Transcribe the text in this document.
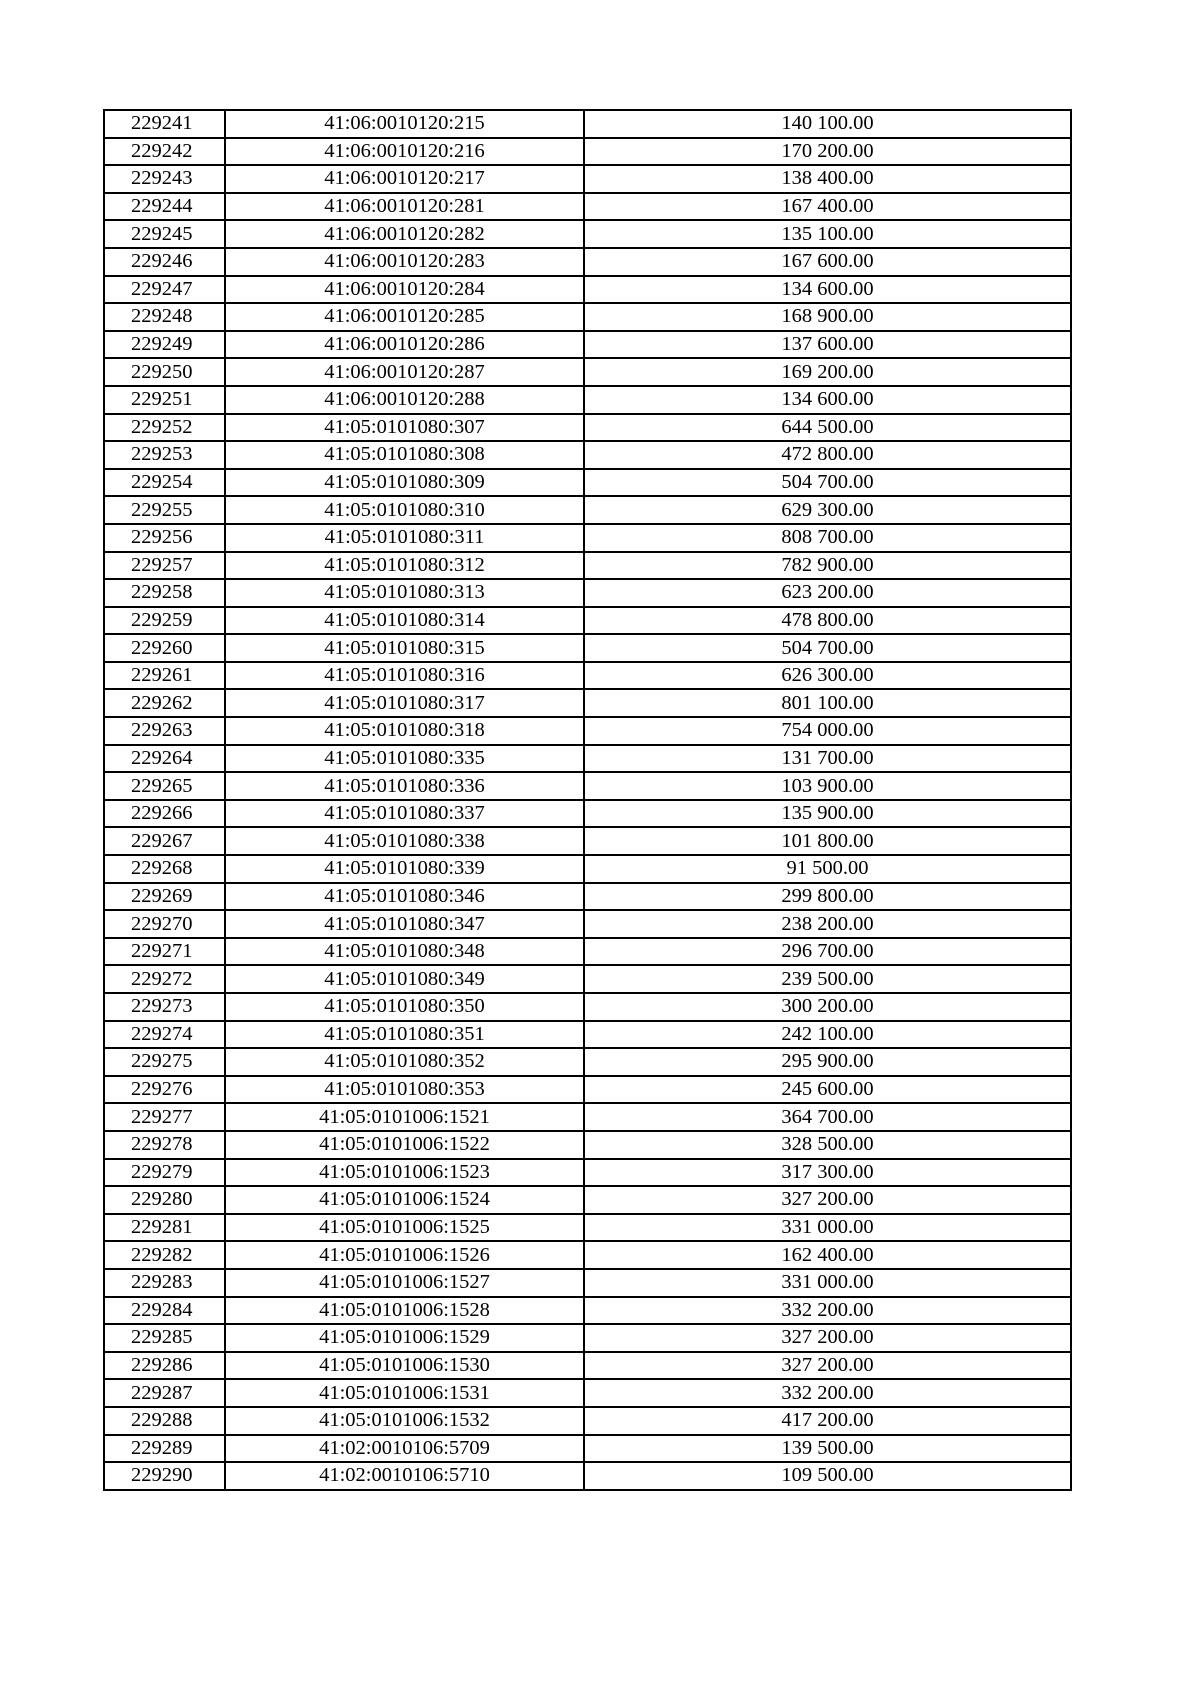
229241	41:06:0010120:215	140 100.00
229242	41:06:0010120:216	170 200.00
229243	41:06:0010120:217	138 400.00
229244	41:06:0010120:281	167 400.00
229245	41:06:0010120:282	135 100.00
229246	41:06:0010120:283	167 600.00
229247	41:06:0010120:284	134 600.00
229248	41:06:0010120:285	168 900.00
229249	41:06:0010120:286	137 600.00
229250	41:06:0010120:287	169 200.00
229251	41:06:0010120:288	134 600.00
229252	41:05:0101080:307	644 500.00
229253	41:05:0101080:308	472 800.00
229254	41:05:0101080:309	504 700.00
229255	41:05:0101080:310	629 300.00
229256	41:05:0101080:311	808 700.00
229257	41:05:0101080:312	782 900.00
229258	41:05:0101080:313	623 200.00
229259	41:05:0101080:314	478 800.00
229260	41:05:0101080:315	504 700.00
229261	41:05:0101080:316	626 300.00
229262	41:05:0101080:317	801 100.00
229263	41:05:0101080:318	754 000.00
229264	41:05:0101080:335	131 700.00
229265	41:05:0101080:336	103 900.00
229266	41:05:0101080:337	135 900.00
229267	41:05:0101080:338	101 800.00
229268	41:05:0101080:339	91 500.00
229269	41:05:0101080:346	299 800.00
229270	41:05:0101080:347	238 200.00
229271	41:05:0101080:348	296 700.00
229272	41:05:0101080:349	239 500.00
229273	41:05:0101080:350	300 200.00
229274	41:05:0101080:351	242 100.00
229275	41:05:0101080:352	295 900.00
229276	41:05:0101080:353	245 600.00
229277	41:05:0101006:1521	364 700.00
229278	41:05:0101006:1522	328 500.00
229279	41:05:0101006:1523	317 300.00
229280	41:05:0101006:1524	327 200.00
229281	41:05:0101006:1525	331 000.00
229282	41:05:0101006:1526	162 400.00
229283	41:05:0101006:1527	331 000.00
229284	41:05:0101006:1528	332 200.00
229285	41:05:0101006:1529	327 200.00
229286	41:05:0101006:1530	327 200.00
229287	41:05:0101006:1531	332 200.00
229288	41:05:0101006:1532	417 200.00
229289	41:02:0010106:5709	139 500.00
229290	41:02:0010106:5710	109 500.00
